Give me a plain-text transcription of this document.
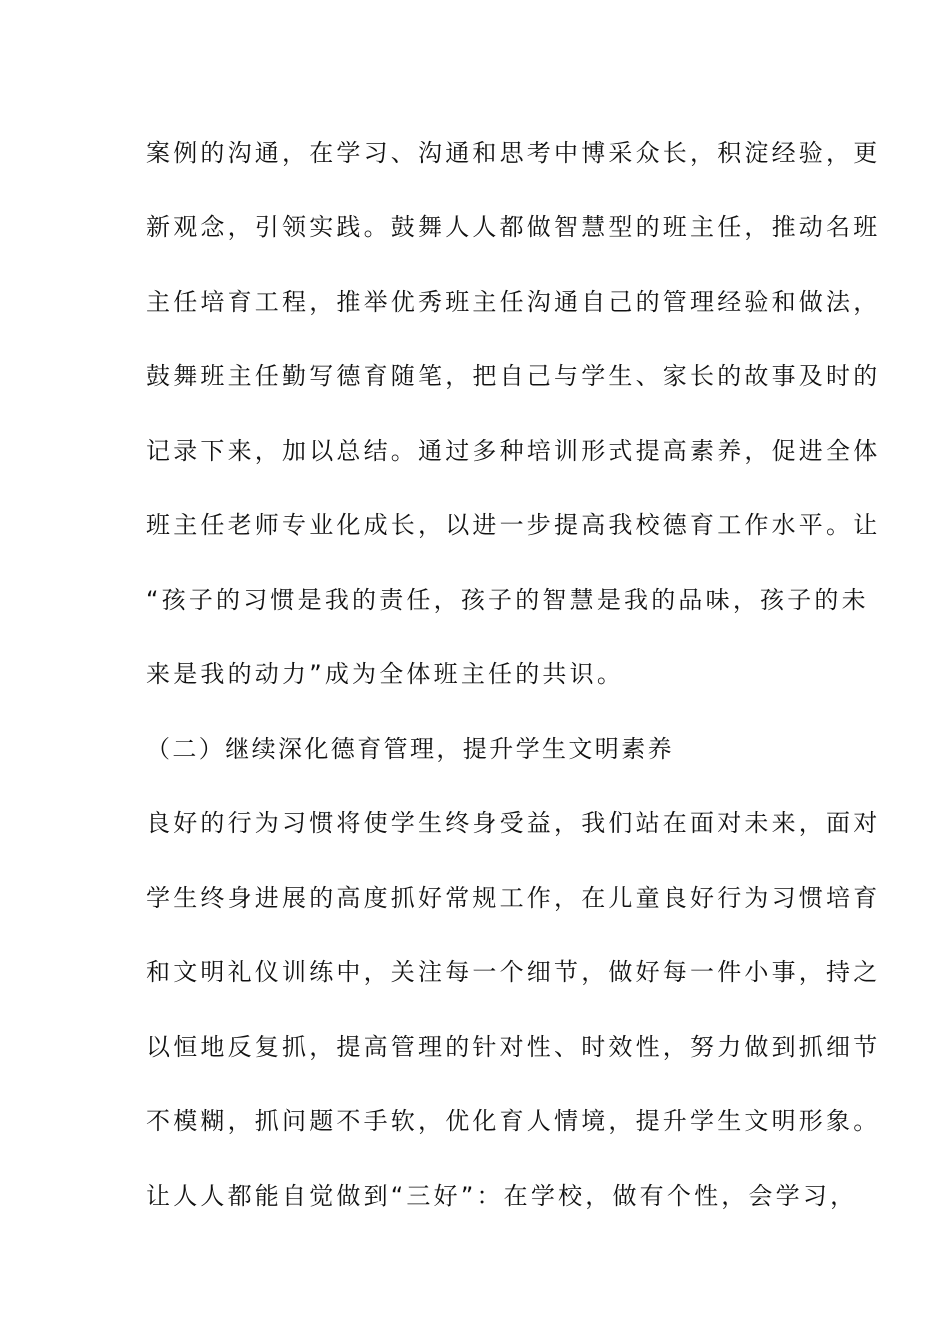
案例的沟通，在学习、沟通和思考中博采众长，积淀经验，更

新观念，引领实践。鼓舞人人都做智慧型的班主任，推动名班

主任培育工程，推举优秀班主任沟通自己的管理经验和做法，

鼓舞班主任勤写德育随笔，把自己与学生、家长的故事及时的

记录下来，加以总结。通过多种培训形式提高素养，促进全体

班主任老师专业化成长，以进一步提高我校德育工作水平。让

“孩子的习惯是我的责任，孩子的智慧是我的品味，孩子的未

来是我的动力”成为全体班主任的共识。

（二）继续深化德育管理，提升学生文明素养

良好的行为习惯将使学生终身受益，我们站在面对未来，面对

学生终身进展的高度抓好常规工作，在儿童良好行为习惯培育

和文明礼仪训练中，关注每一个细节，做好每一件小事，持之

以恒地反复抓，提高管理的针对性、时效性，努力做到抓细节

不模糊，抓问题不手软，优化育人情境，提升学生文明形象。

让人人都能自觉做到“三好”：在学校，做有个性，会学习，
